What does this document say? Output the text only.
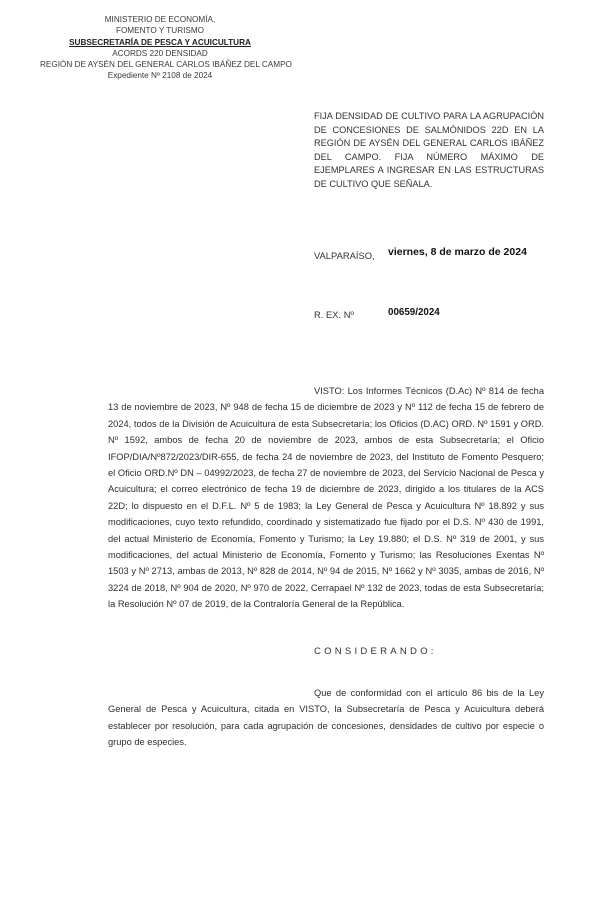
MINISTERIO DE ECONOMÍA,
FOMENTO Y TURISMO
SUBSECRETARÍA DE PESCA Y ACUICULTURA
ACORDS 220 DENSIDAD
REGIÓN DE AYSÉN DEL GENERAL CARLOS IBÁÑEZ DEL CAMPO
Expediente Nº 2108 de 2024
FIJA DENSIDAD DE CULTIVO PARA LA AGRUPACIÓN DE CONCESIONES DE SALMÓNIDOS 22D EN LA REGIÓN DE AYSÉN DEL GENERAL CARLOS IBÁÑEZ DEL CAMPO. FIJA NÚMERO MÁXIMO DE EJEMPLARES A INGRESAR EN LAS ESTRUCTURAS DE CULTIVO QUE SEÑALA.
VALPARAÍSO, viernes, 8 de marzo de 2024
R. EX. Nº	00659/2024
VISTO: Los Informes Técnicos (D.Ac) Nº 814 de fecha 13 de noviembre de 2023, Nº 948 de fecha 15 de diciembre de 2023 y Nº 112 de fecha 15 de febrero de 2024, todos de la División de Acuicultura de esta Subsecretaría; los Oficios (D.AC) ORD. Nº 1591 y ORD. Nº 1592, ambos de fecha 20 de noviembre de 2023, ambos de esta Subsecretaría; el Oficio IFOP/DIA/Nº872/2023/DIR-655, de fecha 24 de noviembre de 2023, del Instituto de Fomento Pesquero; el Oficio ORD.Nº DN – 04992/2023, de fecha 27 de noviembre de 2023, del Servicio Nacional de Pesca y Acuicultura; el correo electrónico de fecha 19 de diciembre de 2023, dirigido a los titulares de la ACS 22D; lo dispuesto en el D.F.L. Nº 5 de 1983; la Ley General de Pesca y Acuicultura Nº 18.892 y sus modificaciones, cuyo texto refundido, coordinado y sistematizado fue fijado por el D.S. Nº 430 de 1991, del actual Ministerio de Economía, Fomento y Turismo; la Ley 19.880; el D.S. Nº 319 de 2001, y sus modificaciones, del actual Ministerio de Economía, Fomento y Turismo; las Resoluciones Exentas Nº 1503 y Nº 2713, ambas de 2013, Nº 828 de 2014, Nº 94 de 2015, Nº 1662 y Nº 3035, ambas de 2016, Nº 3224 de 2018, Nº 904 de 2020, Nº 970 de 2022, Cerrapael Nº 132 de 2023, todas de esta Subsecretaría; la Resolución Nº 07 de 2019, de la Contraloría General de la República.
CONSIDERANDO:
Que de conformidad con el artículo 86 bis de la Ley General de Pesca y Acuicultura, citada en VISTO, la Subsecretaría de Pesca y Acuicultura deberá establecer por resolución, para cada agrupación de concesiones, densidades de cultivo por especie o grupo de especies.
